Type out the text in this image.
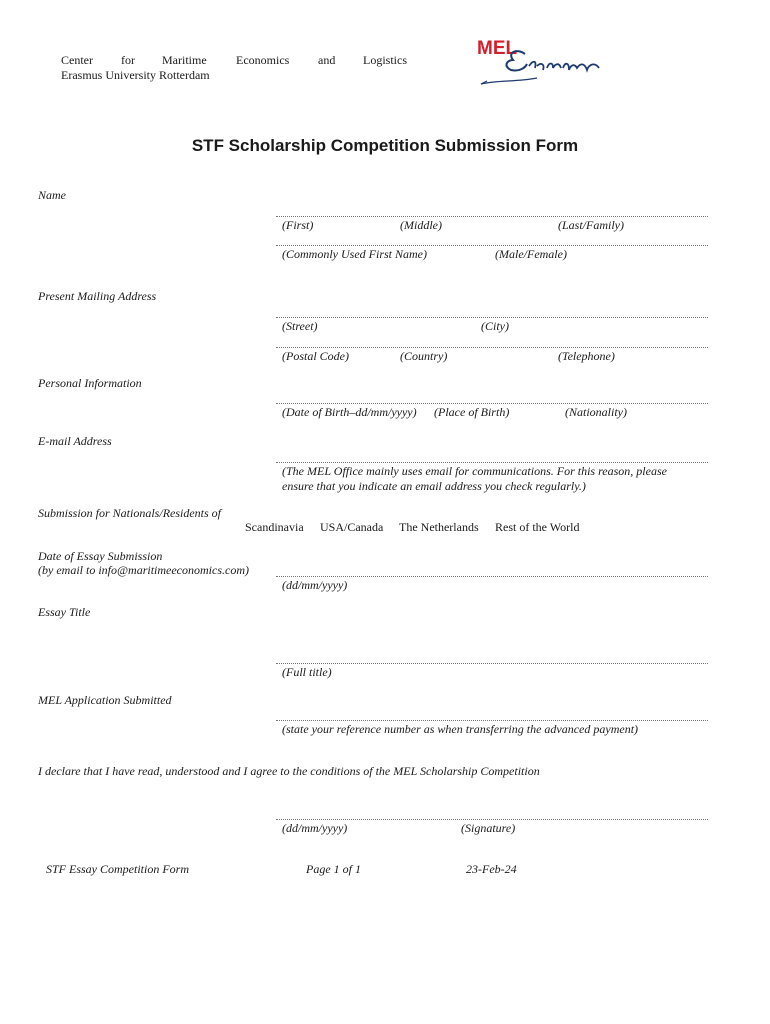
Center for Maritime Economics and Logistics
Erasmus University Rotterdam
MEL
STF Scholarship Competition Submission Form
Name
(First)	(Middle)	(Last/Family)
(Commonly Used First Name)	(Male/Female)
Present Mailing Address
(Street)	(City)
(Postal Code)	(Country)	(Telephone)
Personal Information
(Date of Birth–dd/mm/yyyy) (Place of Birth)	(Nationality)
E-mail Address
(The MEL Office mainly uses email for communications. For this reason, please
ensure that you indicate an email address you check regularly.)
Submission for Nationals/Residents of
Scandinavia USA/Canada The Netherlands Rest of the World
Date of Essay Submission
(by email to info@maritimeeconomics.com)
(dd/mm/yyyy)
Essay Title
(Full title)
MEL Application Submitted
(state your reference number as when transferring the advanced payment)
I declare that I have read, understood and I agree to the conditions of the MEL Scholarship Competition
(dd/mm/yyyy)	(Signature)
STF Essay Competition Form	Page 1 of 1	23-Feb-24
